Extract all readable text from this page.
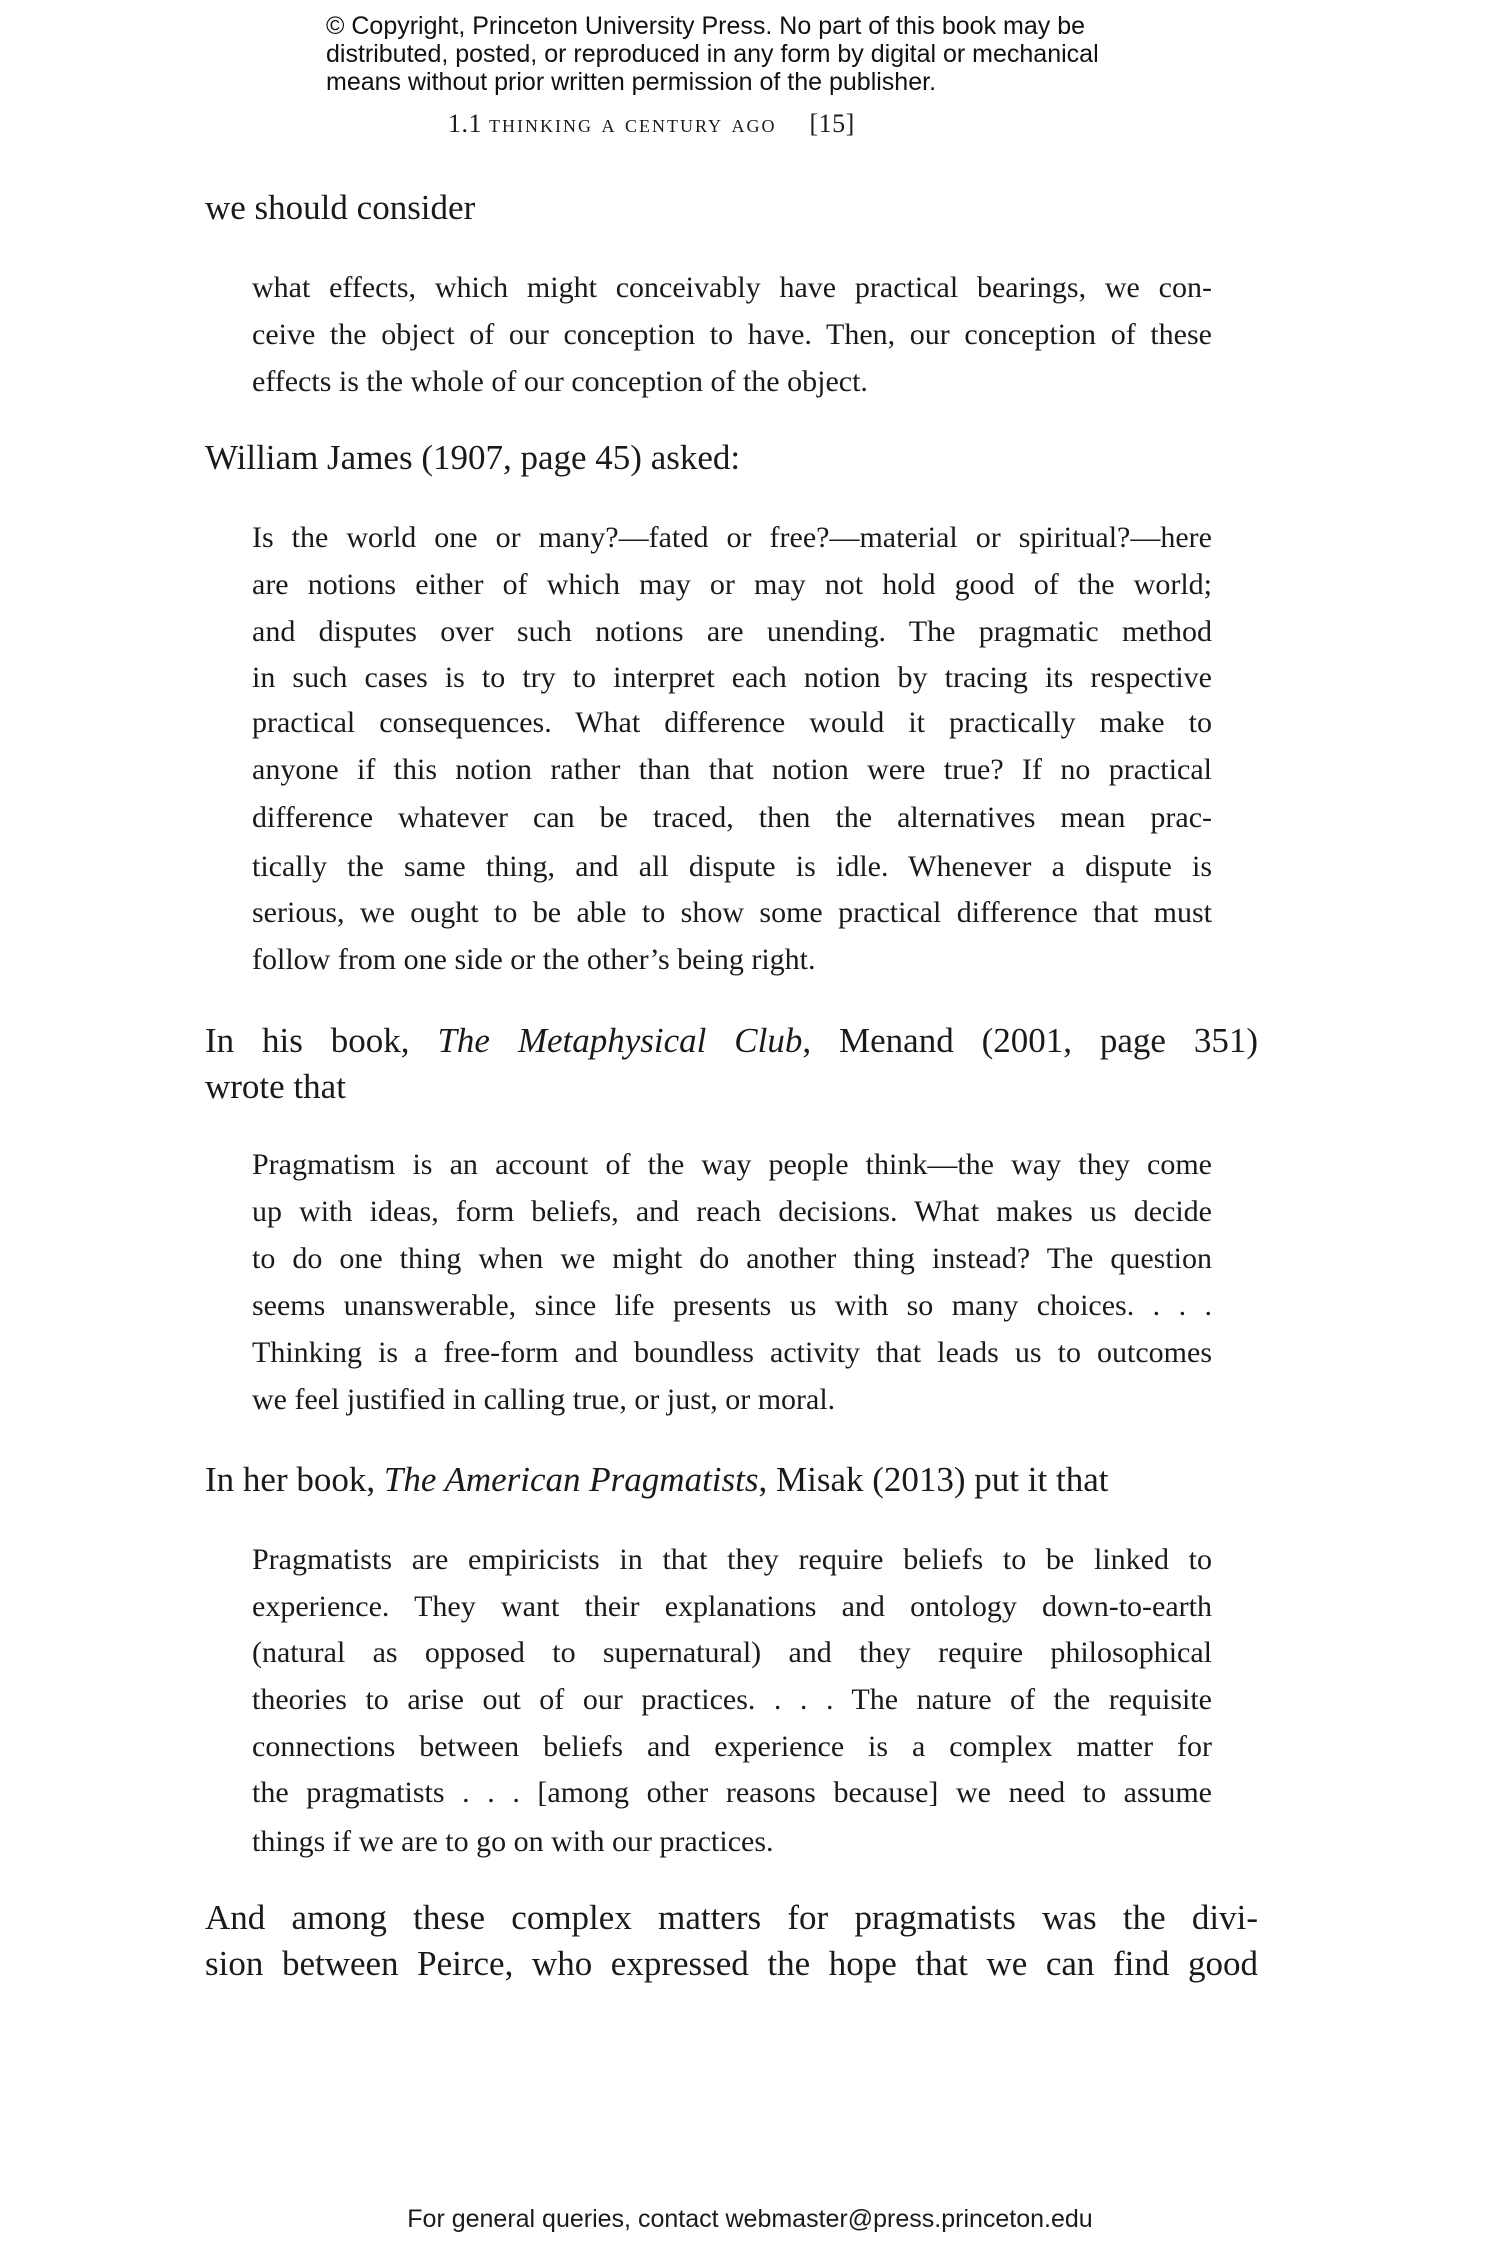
© Copyright, Princeton University Press. No part of this book may be
distributed, posted, or reproduced in any form by digital or mechanical
means without prior written permission of the publisher.
1.1 thinking a century ago [15]
we should consider
what effects, which might conceivably have practical bearings, we con-
ceive the object of our conception to have. Then, our conception of these
effects is the whole of our conception of the object.
William James (1907, page 45) asked:
Is the world one or many?—fated or free?—material or spiritual?—here
are notions either of which may or may not hold good of the world;
and disputes over such notions are unending. The pragmatic method
in such cases is to try to interpret each notion by tracing its respective
practical consequences. What difference would it practically make to
anyone if this notion rather than that notion were true? If no practical
difference whatever can be traced, then the alternatives mean prac-
tically the same thing, and all dispute is idle. Whenever a dispute is
serious, we ought to be able to show some practical difference that must
follow from one side or the other’s being right.
In his book, The Metaphysical Club, Menand (2001, page 351)
wrote that
Pragmatism is an account of the way people think—the way they come
up with ideas, form beliefs, and reach decisions. What makes us decide
to do one thing when we might do another thing instead? The question
seems unanswerable, since life presents us with so many choices. . . .
Thinking is a free-form and boundless activity that leads us to outcomes
we feel justified in calling true, or just, or moral.
In her book, The American Pragmatists, Misak (2013) put it that
Pragmatists are empiricists in that they require beliefs to be linked to
experience. They want their explanations and ontology down-to-earth
(natural as opposed to supernatural) and they require philosophical
theories to arise out of our practices. . . . The nature of the requisite
connections between beliefs and experience is a complex matter for
the pragmatists . . . [among other reasons because] we need to assume
things if we are to go on with our practices.
And among these complex matters for pragmatists was the divi-
sion between Peirce, who expressed the hope that we can find good
For general queries, contact webmaster@press.princeton.edu
